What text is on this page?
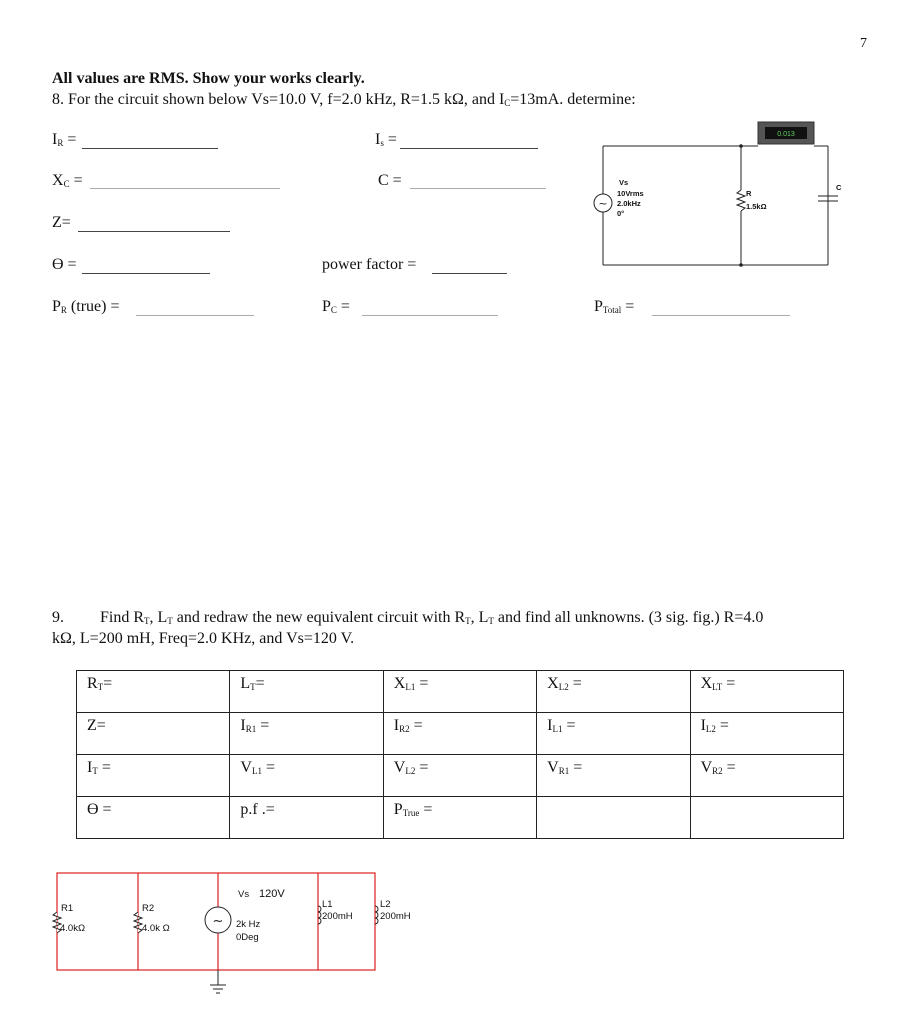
7
All values are RMS. Show your works clearly.
8. For the circuit shown below Vs=10.0 V, f=2.0 kHz, R=1.5 kΩ, and $I_C=13mA$. determine:
$I_R$ =	$I_s$ =
$X_C$ =	C =
Z=
ϴ =	power factor =
$P_R$ (true) =	$P_C$ =	$P_{Total}$ =
~
0.013
Vs
10Vrms
2.0kHz
0°
R
1.5kΩ
C
~
R1
4.0kΩ
R2
4.0k Ω
Vs 120V
2k Hz
0Deg
L1
200mH
L2
200mH
9. Find $R_T$, $L_T$ and redraw the new equivalent circuit with $R_T$, $L_T$ and find all unknowns. (3 sig. fig.) R=4.0
kΩ, L=200 mH, Freq=2.0 KHz, and Vs=120 V.
$R_T=$	$L_T=$	$X_{L1}$ =	$X_{L2}$ =	$X_{LT}$ =
Z=	$I_{R1}$ =	$I_{R2}$ =	$I_{L1}$ =	$I_{L2}$ =
$I_T$ =	$V_{L1}$ =	$V_{L2}$ =	$V_{R1}$ =	$V_{R2}$ =
ϴ =	p.f .=	$P_{True}$ =		
